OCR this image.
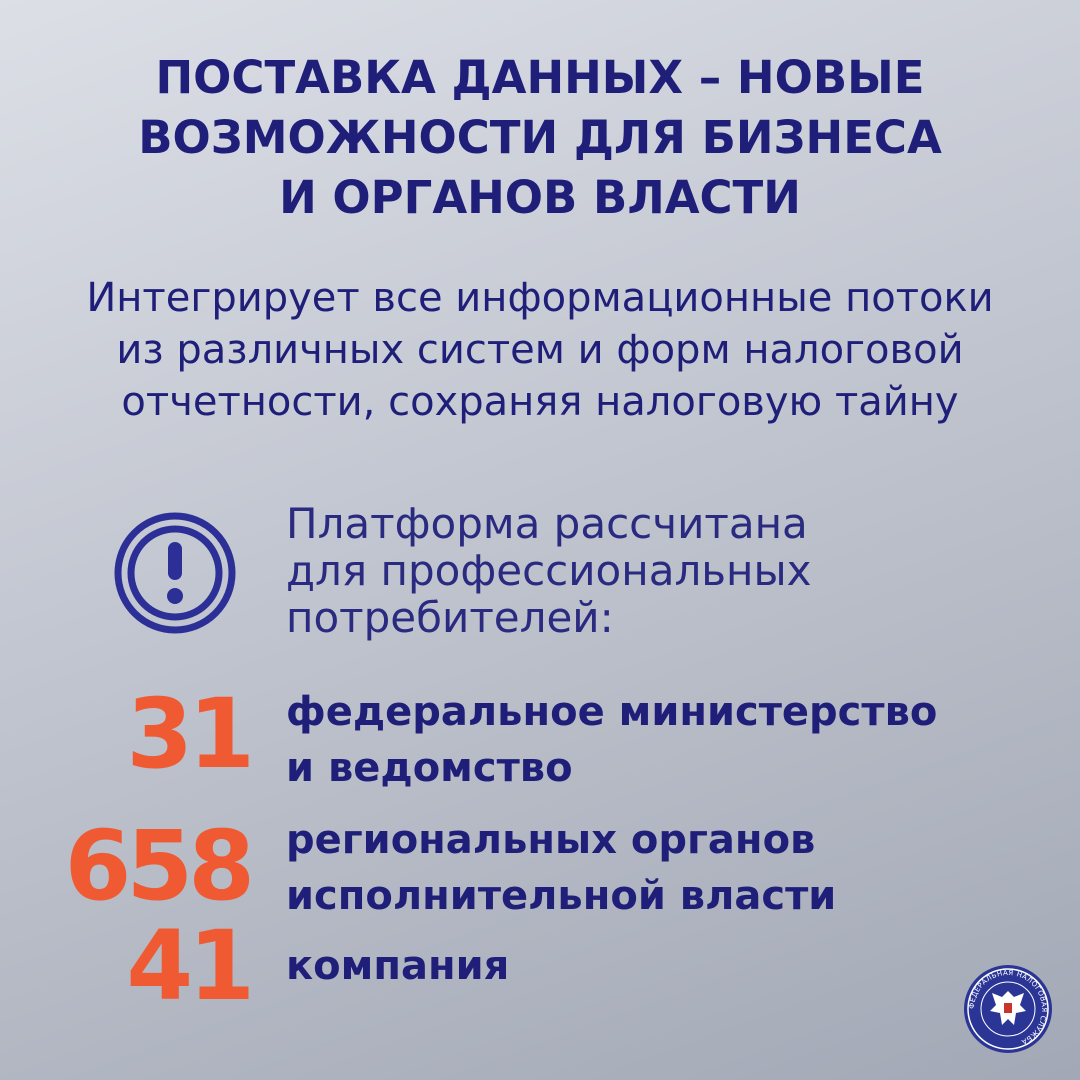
ПОСТАВКА ДАННЫХ – НОВЫЕ
ВОЗМОЖНОСТИ ДЛЯ БИЗНЕСА
И ОРГАНОВ ВЛАСТИ
Интегрирует все информационные потоки
из различных систем и форм налоговой
отчетности, сохраняя налоговую тайну
Платформа рассчитана
для профессиональных
потребителей:
31 федеральное министерство
и ведомство
658 региональных органов
исполнительной власти
41 компания
ФЕДЕРАЛЬНАЯ НАЛОГОВАЯ СЛУЖБА
